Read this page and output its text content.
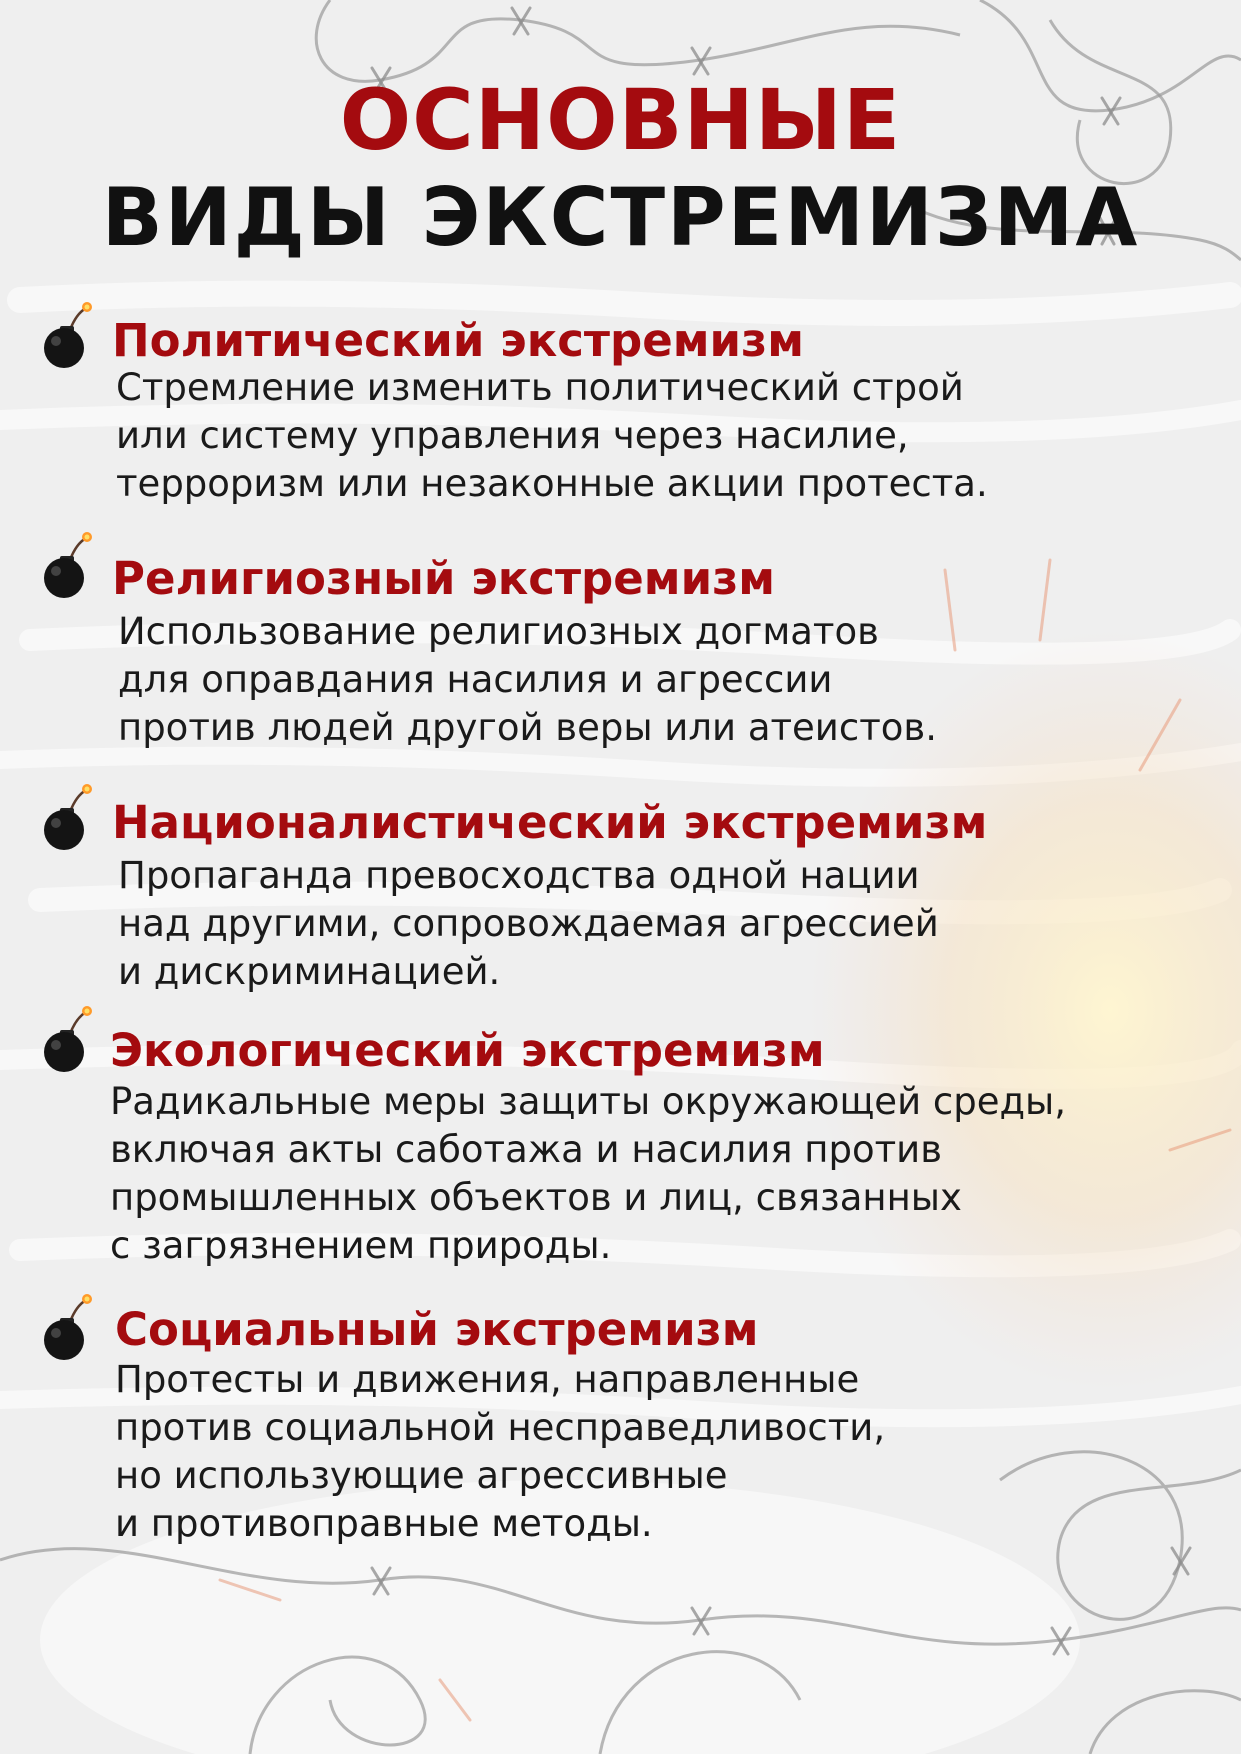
ОСНОВНЫЕ
ВИДЫ ЭКСТРЕМИЗМА
Политический экстремизм

Стремление изменить политический строй
или систему управления через насилие,
терроризм или незаконные акции протеста.

Религиозный экстремизм

Использование религиозных догматов
для оправдания насилия и агрессии
против людей другой веры или атеистов.

Националистический экстремизм

Пропаганда превосходства одной нации
над другими, сопровождаемая агрессией
и дискриминацией.

Экологический экстремизм

Радикальные меры защиты окружающей среды,
включая акты саботажа и насилия против
промышленных объектов и лиц, связанных
с загрязнением природы.

Социальный экстремизм

Протесты и движения, направленные
против социальной несправедливости,
но использующие агрессивные
и противоправные методы.
